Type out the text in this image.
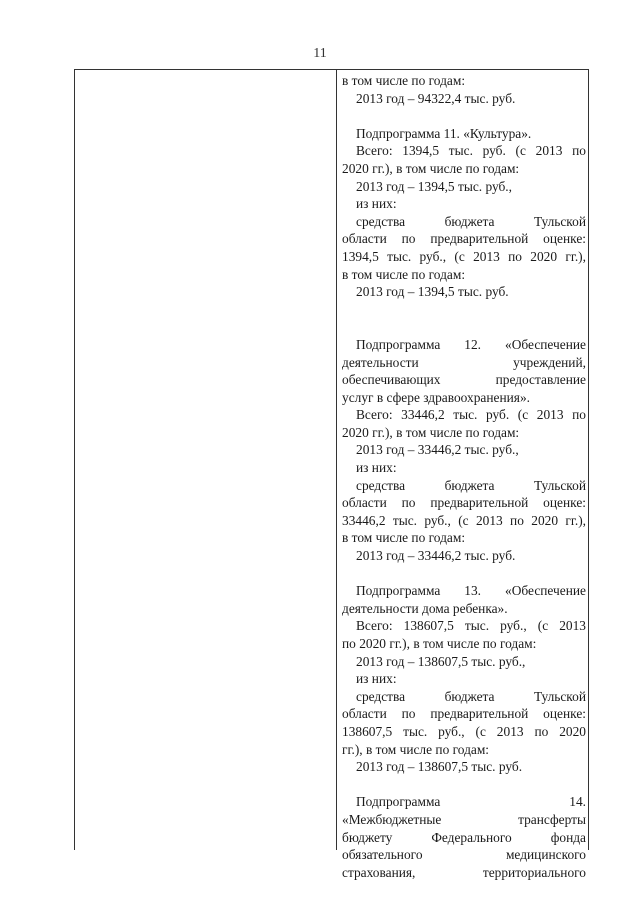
11
в том числе по годам:
2013 год – 94322,4 тыс. руб.
Подпрограмма 11. «Культура».
Всего: 1394,5 тыс. руб. (с 2013 по
2020 гг.), в том числе по годам:
2013 год – 1394,5 тыс. руб.,
из них:
средства бюджета Тульской
области по предварительной оценке:
1394,5 тыс. руб., (с 2013 по 2020 гг.),
в том числе по годам:
2013 год – 1394,5 тыс. руб.
Подпрограмма 12. «Обеспечение
деятельности учреждений,
обеспечивающих предоставление
услуг в сфере здравоохранения».
Всего: 33446,2 тыс. руб. (с 2013 по
2020 гг.), в том числе по годам:
2013 год – 33446,2 тыс. руб.,
из них:
средства бюджета Тульской
области по предварительной оценке:
33446,2 тыс. руб., (с 2013 по 2020 гг.),
в том числе по годам:
2013 год – 33446,2 тыс. руб.
Подпрограмма 13. «Обеспечение
деятельности дома ребенка».
Всего: 138607,5 тыс. руб., (с 2013
по 2020 гг.), в том числе по годам:
2013 год – 138607,5 тыс. руб.,
из них:
средства бюджета Тульской
области по предварительной оценке:
138607,5 тыс. руб., (с 2013 по 2020
гг.), в том числе по годам:
2013 год – 138607,5 тыс. руб.
Подпрограмма 14.
«Межбюджетные трансферты
бюджету Федерального фонда
обязательного медицинского
страхования, территориального
